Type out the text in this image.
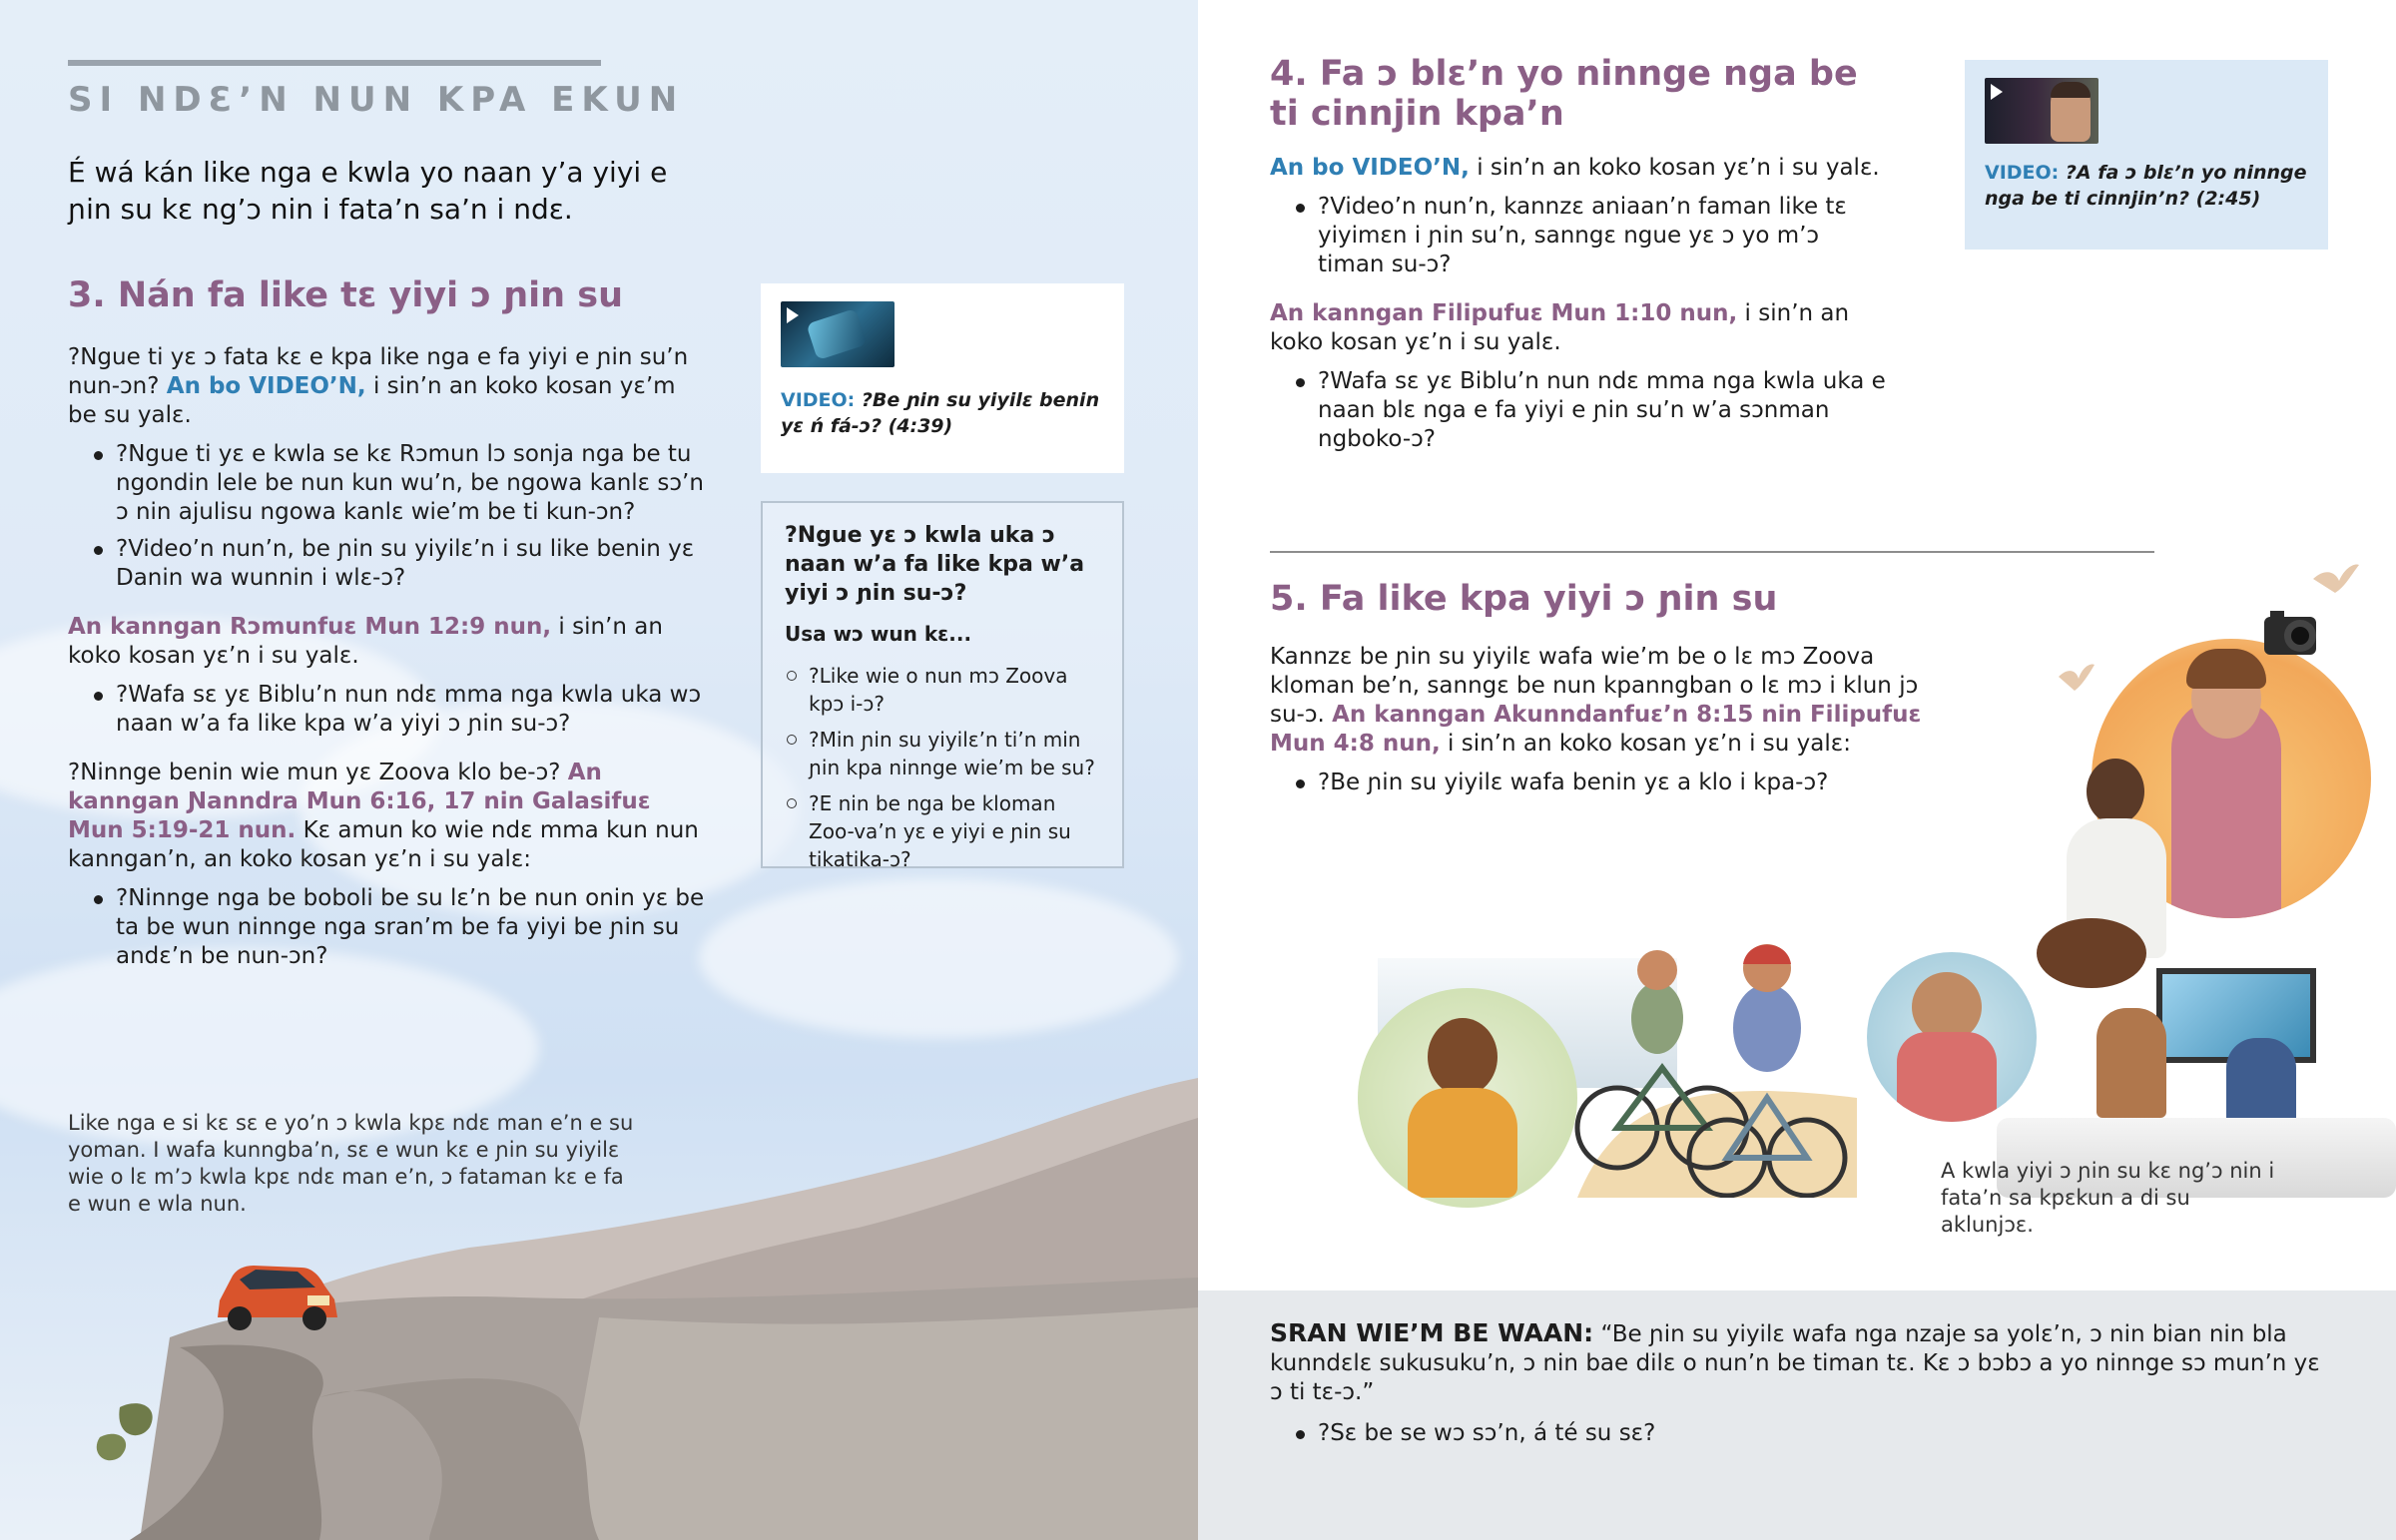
SI NDƐ’N NUN KPA EKUN
É wá kán like nga e kwla yo naan y’a yiyi e ɲin su kɛ ng’ɔ nin i fata’n sa’n i ndɛ.
3. Nán fa like tɛ yiyi ɔ ɲin su
?Ngue ti yɛ ɔ fata kɛ e kpa like nga e fa yiyi e ɲin su’n nun-ɔn? An bo VIDEO’N, i sin’n an koko kosan yɛ’m be su yalɛ.
?Ngue ti yɛ e kwla se kɛ Rɔmun lɔ sonja nga be tu ngondin lele be nun kun wu’n, be ngowa kanlɛ sɔ’n ɔ nin ajulisu ngowa kanlɛ wie’m be ti kun-ɔn?
?Video’n nun’n, be ɲin su yiyilɛ’n i su like benin yɛ Danin wa wunnin i wlɛ-ɔ?
An kanngan Rɔmunfuɛ Mun 12:9 nun, i sin’n an koko kosan yɛ’n i su yalɛ.
?Wafa sɛ yɛ Biblu’n nun ndɛ mma nga kwla uka wɔ naan w’a fa like kpa w’a yiyi ɔ ɲin su-ɔ?
?Ninnge benin wie mun yɛ Zoova klo be-ɔ? An kanngan Ɲanndra Mun 6:16, 17 nin Galasifuɛ Mun 5:19-21 nun. Kɛ amun ko wie ndɛ mma kun nun kanngan’n, an koko kosan yɛ’n i su yalɛ:
?Ninnge nga be boboli be su lɛ’n be nun onin yɛ be ta be wun ninnge nga sran’m be fa yiyi be ɲin su andɛ’n be nun-ɔn?
VIDEO: ?Be ɲin su yiyilɛ benin yɛ ń fá-ɔ? (4:39)
?Ngue yɛ ɔ kwla uka ɔ naan w’a fa like kpa w’a yiyi ɔ ɲin su-ɔ?
Usa wɔ wun kɛ...
?Like wie o nun mɔ Zoova kpɔ i-ɔ?
?Min ɲin su yiyilɛ’n ti’n min ɲin kpa ninnge wie’m be su?
?E nin be nga be kloman Zoo-va’n yɛ e yiyi e ɲin su tikatika-ɔ?
Like nga e si kɛ sɛ e yo’n ɔ kwla kpɛ ndɛ man e’n e su yoman. I wafa kunngba’n, sɛ e wun kɛ e ɲin su yiyilɛ wie o lɛ m’ɔ kwla kpɛ ndɛ man e’n, ɔ fataman kɛ e fa e wun e wla nun.
4. Fa ɔ blɛ’n yo ninnge nga be ti cinnjin kpa’n
An bo VIDEO’N, i sin’n an koko kosan yɛ’n i su yalɛ.
?Video’n nun’n, kannzɛ aniaan’n faman like tɛ yiyimɛn i ɲin su’n, sanngɛ ngue yɛ ɔ yo m’ɔ timan su-ɔ?
An kanngan Filipufuɛ Mun 1:10 nun, i sin’n an koko kosan yɛ’n i su yalɛ.
?Wafa sɛ yɛ Biblu’n nun ndɛ mma nga kwla uka e naan blɛ nga e fa yiyi e ɲin su’n w’a sɔnman ngboko-ɔ?
VIDEO: ?A fa ɔ blɛ’n yo ninnge nga be ti cinnjin’n? (2:45)
5. Fa like kpa yiyi ɔ ɲin su
Kannzɛ be ɲin su yiyilɛ wafa wie’m be o lɛ mɔ Zoova kloman be’n, sanngɛ be nun kpanngban o lɛ mɔ i klun jɔ su-ɔ. An kanngan Akunndanfuɛ’n 8:15 nin Filipufuɛ Mun 4:8 nun, i sin’n an koko kosan yɛ’n i su yalɛ:
?Be ɲin su yiyilɛ wafa benin yɛ a klo i kpa-ɔ?
A kwla yiyi ɔ ɲin su kɛ ng’ɔ nin i fata’n sa kpɛkun a di su aklunjɔɛ.
SRAN WIE’M BE WAAN: “Be ɲin su yiyilɛ wafa nga nzaje sa yolɛ’n, ɔ nin bian nin bla kunndɛlɛ sukusuku’n, ɔ nin bae dilɛ o nun’n be timan tɛ. Kɛ ɔ bɔbɔ a yo ninnge sɔ mun’n yɛ ɔ ti tɛ-ɔ.”
?Sɛ be se wɔ sɔ’n, á té su sɛ?
